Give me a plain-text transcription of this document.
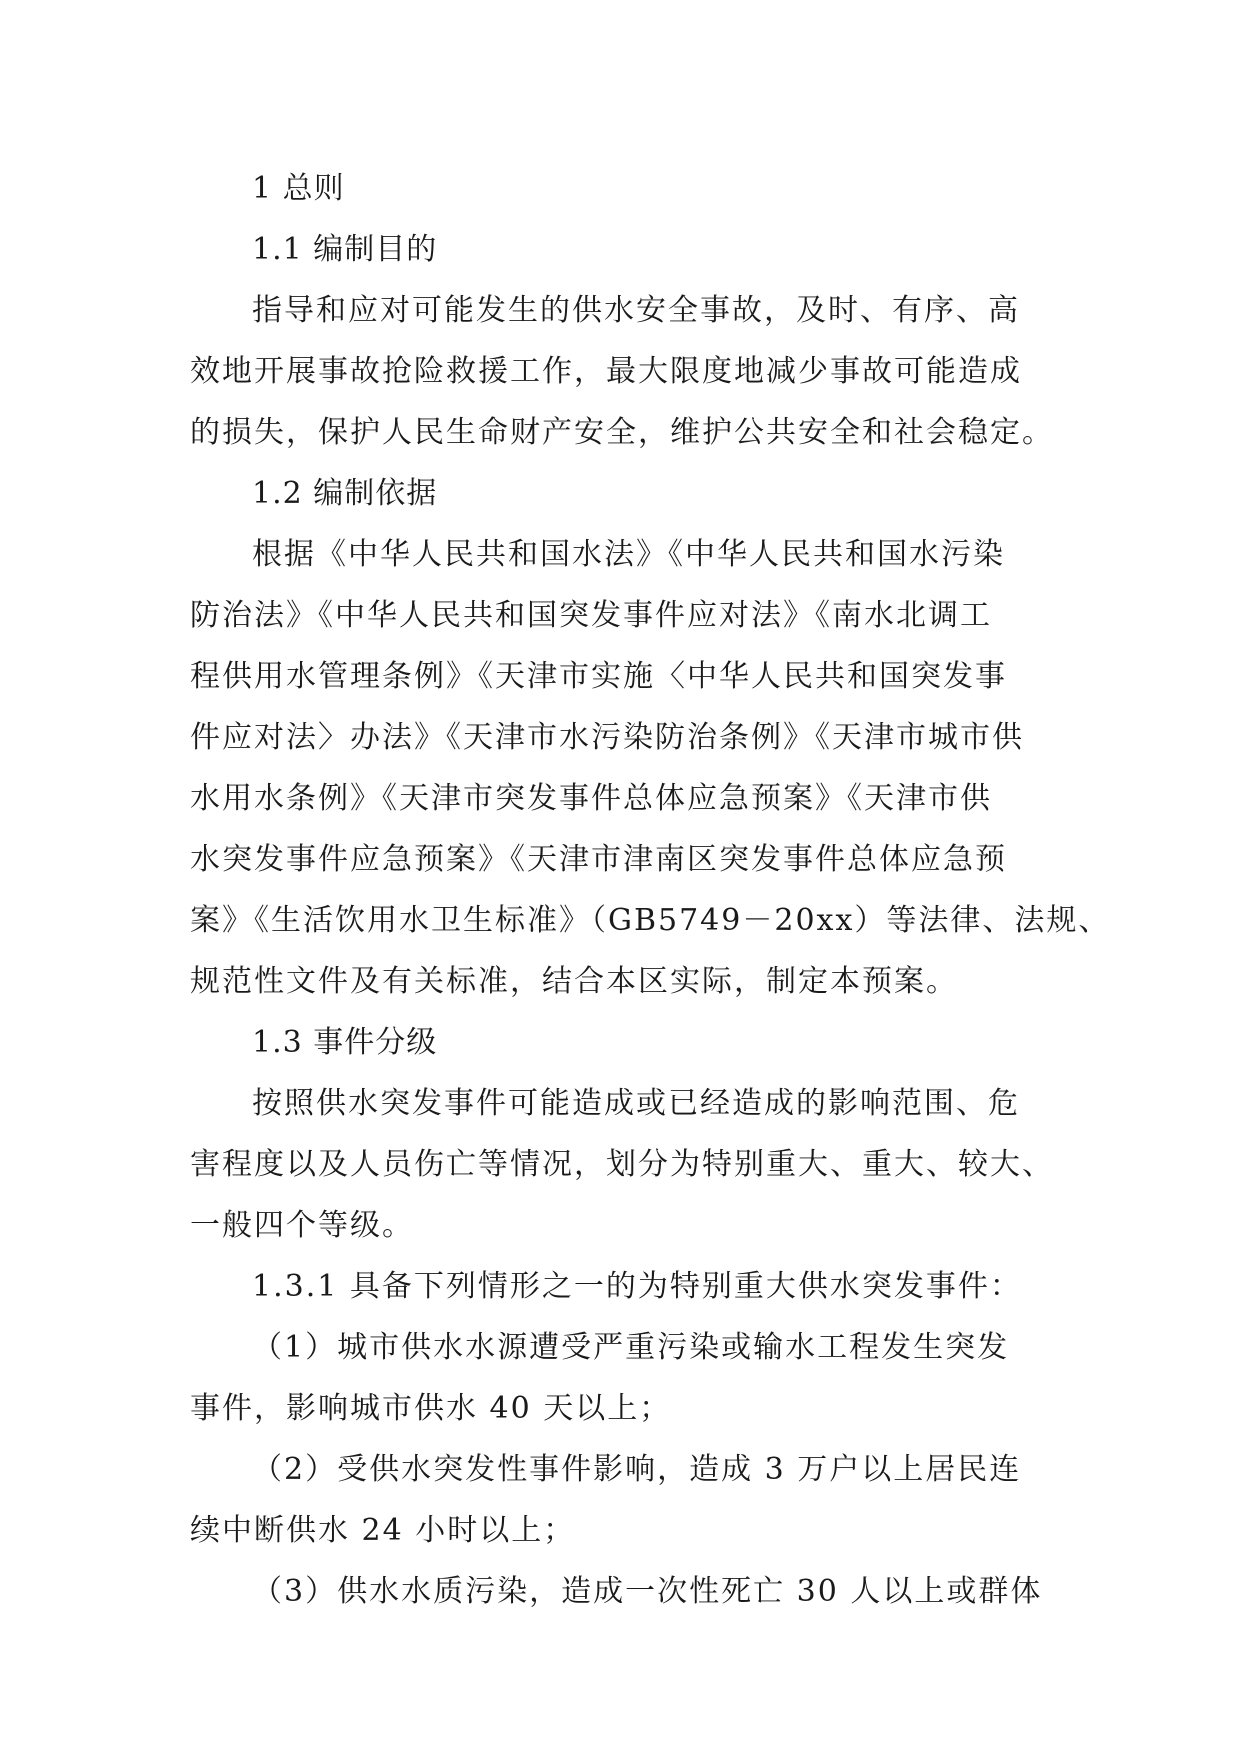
1 总则
1.1 编制目的
指导和应对可能发生的供水安全事故，及时、有序、高
效地开展事故抢险救援工作，最大限度地减少事故可能造成
的损失，保护人民生命财产安全，维护公共安全和社会稳定。
1.2 编制依据
根据《中华人民共和国水法》《中华人民共和国水污染
防治法》《中华人民共和国突发事件应对法》《南水北调工
程供用水管理条例》《天津市实施〈中华人民共和国突发事
件应对法〉办法》《天津市水污染防治条例》《天津市城市供
水用水条例》《天津市突发事件总体应急预案》《天津市供
水突发事件应急预案》《天津市津南区突发事件总体应急预
案》《生活饮用水卫生标准》（GB5749－20xx）等法律、法规、
规范性文件及有关标准，结合本区实际，制定本预案。
1.3 事件分级
按照供水突发事件可能造成或已经造成的影响范围、危
害程度以及人员伤亡等情况，划分为特别重大、重大、较大、
一般四个等级。
1.3.1 具备下列情形之一的为特别重大供水突发事件：
（1）城市供水水源遭受严重污染或输水工程发生突发
事件，影响城市供水 40 天以上；
（2）受供水突发性事件影响，造成 3 万户以上居民连
续中断供水 24 小时以上；
（3）供水水质污染，造成一次性死亡 30 人以上或群体
